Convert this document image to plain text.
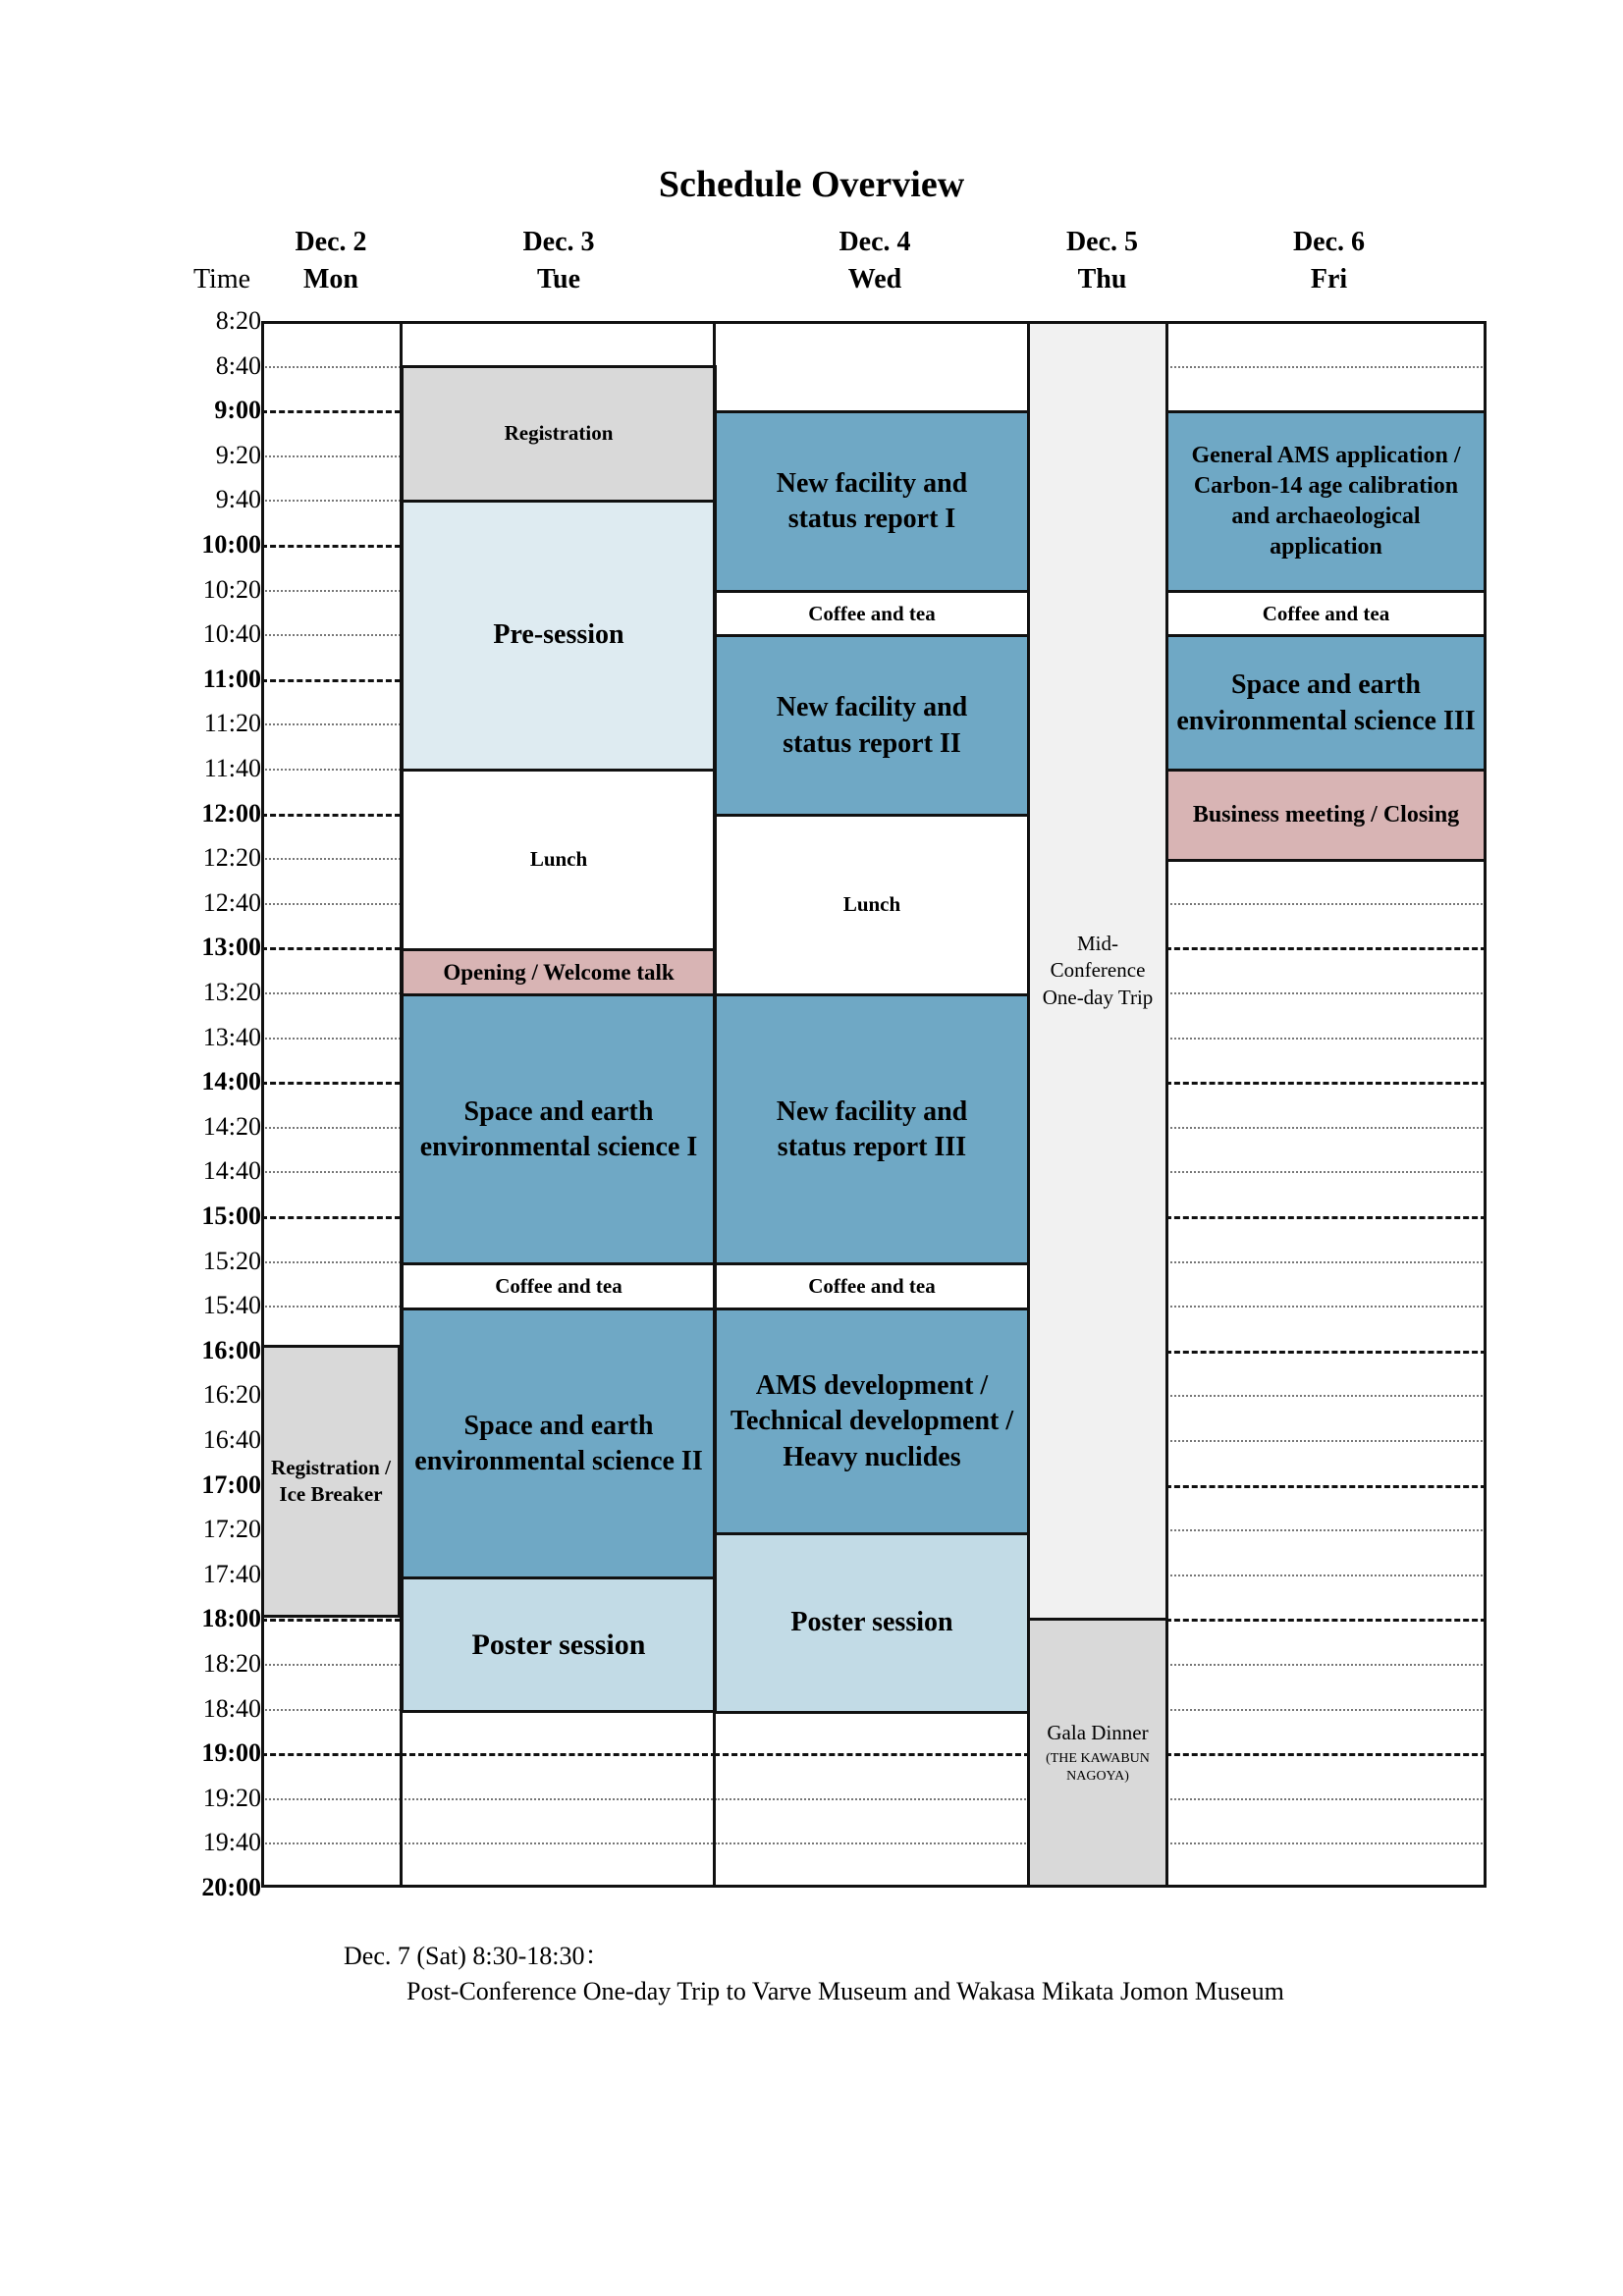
Schedule Overview
Time
Dec. 2
Mon
Dec. 3
Tue
Dec. 4
Wed
Dec. 5
Thu
Dec. 6
Fri
8:20
8:40
9:00
9:20
9:40
10:00
10:20
10:40
11:00
11:20
11:40
12:00
12:20
12:40
13:00
13:20
13:40
14:00
14:20
14:40
15:00
15:20
15:40
16:00
16:20
16:40
17:00
17:20
17:40
18:00
18:20
18:40
19:00
19:20
19:40
20:00
Registration / Ice Breaker
Registration
Pre-session
Lunch
Opening / Welcome talk
Space and earth environmental science I
Coffee and tea
Space and earth environmental science II
Poster session
New facility and status report I
Coffee and tea
New facility and status report II
Lunch
New facility and status report III
Coffee and tea
AMS development / Technical development / Heavy nuclides
Poster session
Mid-Conference One-day Trip
Gala Dinner
(THE KAWABUN NAGOYA)
General AMS application / Carbon-14 age calibration and archaeological application
Coffee and tea
Space and earth environmental science III
Business meeting / Closing
Dec. 7 (Sat) 8:30-18:30：
Post-Conference One-day Trip to Varve Museum and Wakasa Mikata Jomon Museum
